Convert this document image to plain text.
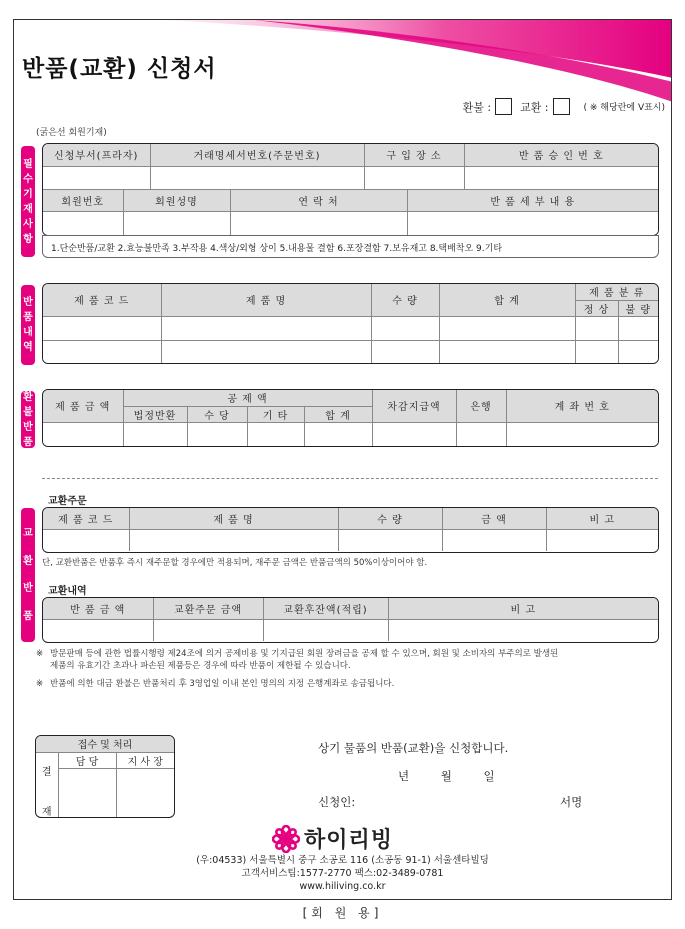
반품(교환) 신청서
환불 :	교환 :	( ※ 해당란에 V표시)
(굵은선 회원기재)
필
수
기
재
사
항
신청부서(프라자)	거래명세서번호(주문번호)	구 입 장 소	반 품 승 인 번 호

회원번호	회원성명	연 락 처	반 품 세 부 내 용

1.단순반품/교환 2.효능불만족 3.부작용 4.색상/외형 상이 5.내용물 결함 6.포장결함 7.보유재고 8.택배착오 9.기타
반
품
내
역
제 품 코 드	제 품 명	수 량	합 계	제 품 분 류	
				정 상	불 량

환
불
반
품
제 품 금 액	공 제 액				차감지급액	은행	계 좌 번 호
	법정반환	수 당	기 타	합 계			

교
환
반
품
교환주문
제 품 코 드	제 품 명	수 량	금 액	비 고

단, 교환반품은 반품후 즉시 재주문할 경우에만 적용되며, 재주문 금액은 반품금액의 50%이상이어야 함.
교환내역
반 품 금 액	교환주문 금액	교환후잔액(적립)	비 고

※ 방문판매 등에 관한 법률시행령 제24조에 의거 공제비용 및 기지급된 회원 장려금을 공제 할 수 있으며, 회원 및 소비자의 부주의로 발생된
제품의 유효기간 초과나 파손된 제품등은 경우에 따라 반품이 제한될 수 있습니다.
※ 반품에 의한 대금 환불은 반품처리 후 3영업일 이내 본인 명의의 지정 은행계좌로 송금됩니다.
접수 및 처리		

결
재	담 당	지 사 장

상기 물품의 반품(교환)을 신청합니다.
년 월 일
신청인:	서명
하이리빙
(우:04533) 서울특별시 중구 소공로 116 (소공동 91-1) 서울센타빌딩
고객서비스팀:1577-2770 팩스:02-3489-0781
www.hiliving.co.kr
[회 원 용]
